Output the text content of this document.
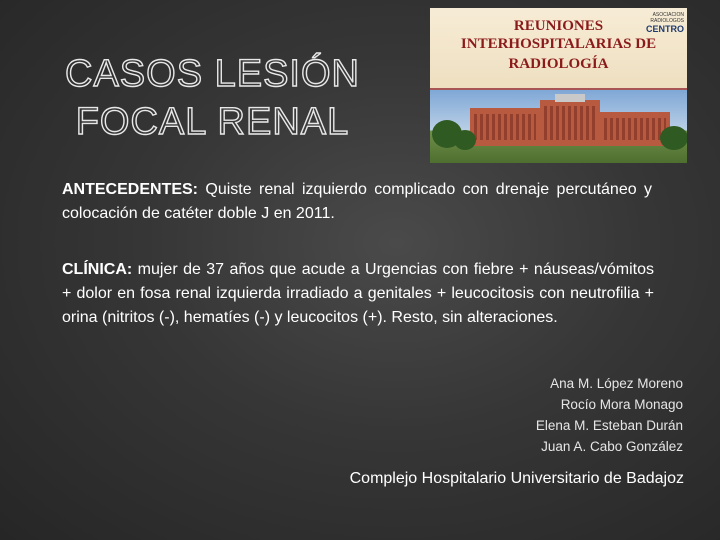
CASOS LESIÓN
FOCAL RENAL
ASOCIACION RADIOLOGOS
CENTRO
REUNIONES
INTERHOSPITALARIAS DE
RADIOLOGÍA
ANTECEDENTES: Quiste renal izquierdo complicado con drenaje percutáneo y colocación de catéter doble J en 2011.
CLÍNICA: mujer de 37 años que acude a Urgencias con fiebre + náuseas/vómitos + dolor en fosa renal izquierda irradiado a genitales + leucocitosis con neutrofilia + orina (nitritos (-), hematíes (-) y leucocitos (+). Resto, sin alteraciones.
Ana M. López Moreno
Rocío Mora Monago
Elena M. Esteban Durán
Juan A. Cabo González
Complejo Hospitalario Universitario de Badajoz
